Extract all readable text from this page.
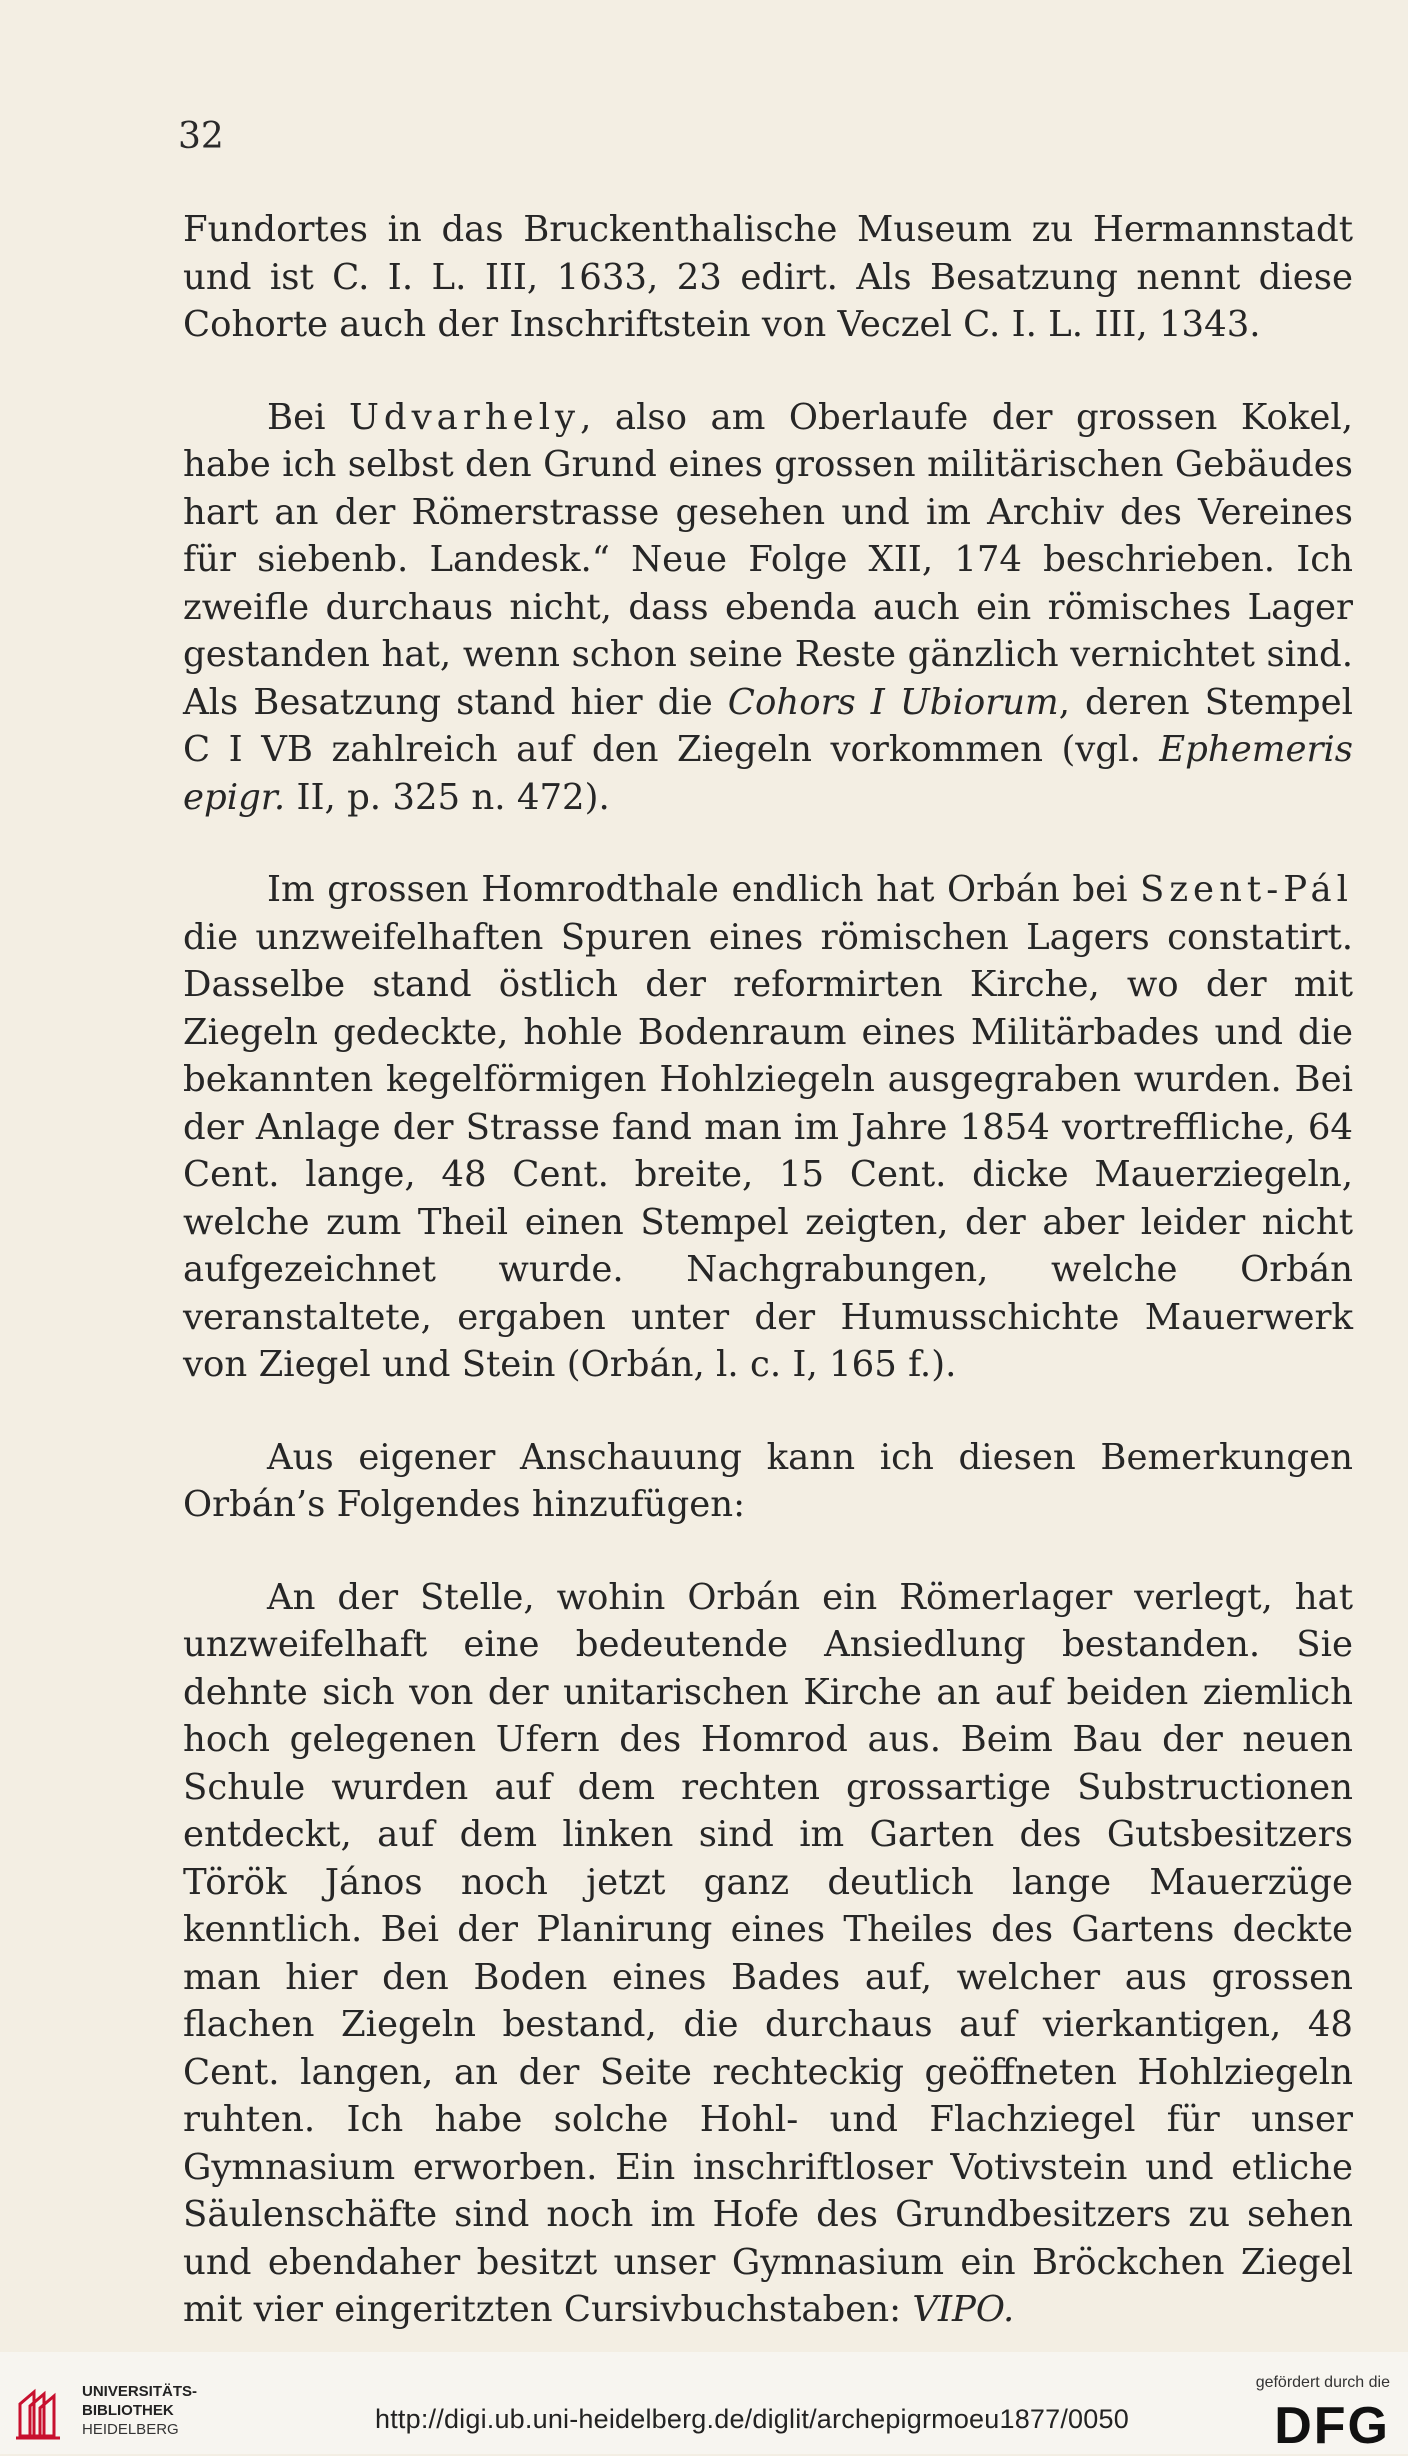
32

Fundortes in das Bruckenthalische Museum zu Hermannstadt und ist C. I. L. III, 1633, 23 edirt. Als Besatzung nennt diese Cohorte auch der Inschriftstein von Veczel C. I. L. III, 1343.

Bei Udvarhely, also am Oberlaufe der grossen Kokel, habe ich selbst den Grund eines grossen militärischen Gebäudes hart an der Römerstrasse gesehen und im Archiv des Vereines für siebenb. Landesk.“ Neue Folge XII, 174 beschrieben. Ich zweifle durchaus nicht, dass ebenda auch ein römisches Lager gestanden hat, wenn schon seine Reste gänzlich vernichtet sind. Als Besatzung stand hier die Cohors I Ubiorum, deren Stempel C I VB zahlreich auf den Ziegeln vorkommen (vgl. Ephemeris epigr. II, p. 325 n. 472).

Im grossen Homrodthale endlich hat Orbán bei Szent-Pál die unzweifelhaften Spuren eines römischen Lagers constatirt. Dasselbe stand östlich der reformirten Kirche, wo der mit Ziegeln gedeckte, hohle Bodenraum eines Militärbades und die bekannten kegelförmigen Hohlziegeln ausgegraben wurden. Bei der Anlage der Strasse fand man im Jahre 1854 vortreffliche, 64 Cent. lange, 48 Cent. breite, 15 Cent. dicke Mauerziegeln, welche zum Theil einen Stempel zeigten, der aber leider nicht aufgezeichnet wurde. Nachgrabungen, welche Orbán veranstaltete, ergaben unter der Humusschichte Mauerwerk von Ziegel und Stein (Orbán, l. c. I, 165 f.).

Aus eigener Anschauung kann ich diesen Bemerkungen Orbán’s Folgendes hinzufügen:

An der Stelle, wohin Orbán ein Römerlager verlegt, hat unzweifelhaft eine bedeutende Ansiedlung bestanden. Sie dehnte sich von der unitarischen Kirche an auf beiden ziemlich hoch gelegenen Ufern des Homrod aus. Beim Bau der neuen Schule wurden auf dem rechten grossartige Substructionen entdeckt, auf dem linken sind im Garten des Gutsbesitzers Török János noch jetzt ganz deutlich lange Mauerzüge kenntlich. Bei der Planirung eines Theiles des Gartens deckte man hier den Boden eines Bades auf, welcher aus grossen flachen Ziegeln bestand, die durchaus auf vierkantigen, 48 Cent. langen, an der Seite rechteckig geöffneten Hohlziegeln ruhten. Ich habe solche Hohl- und Flachziegel für unser Gymnasium erworben. Ein inschriftloser Votivstein und etliche Säulenschäfte sind noch im Hofe des Grundbesitzers zu sehen und ebendaher besitzt unser Gymnasium ein Bröckchen Ziegel mit vier eingeritzten Cursivbuchstaben: VIPO.

UNIVERSITÄTS-
BIBLIOTHEK
HEIDELBERG	http://digi.ub.uni-heidelberg.de/diglit/archepigrmoeu1877/0050
gefördert durch die
DFG
